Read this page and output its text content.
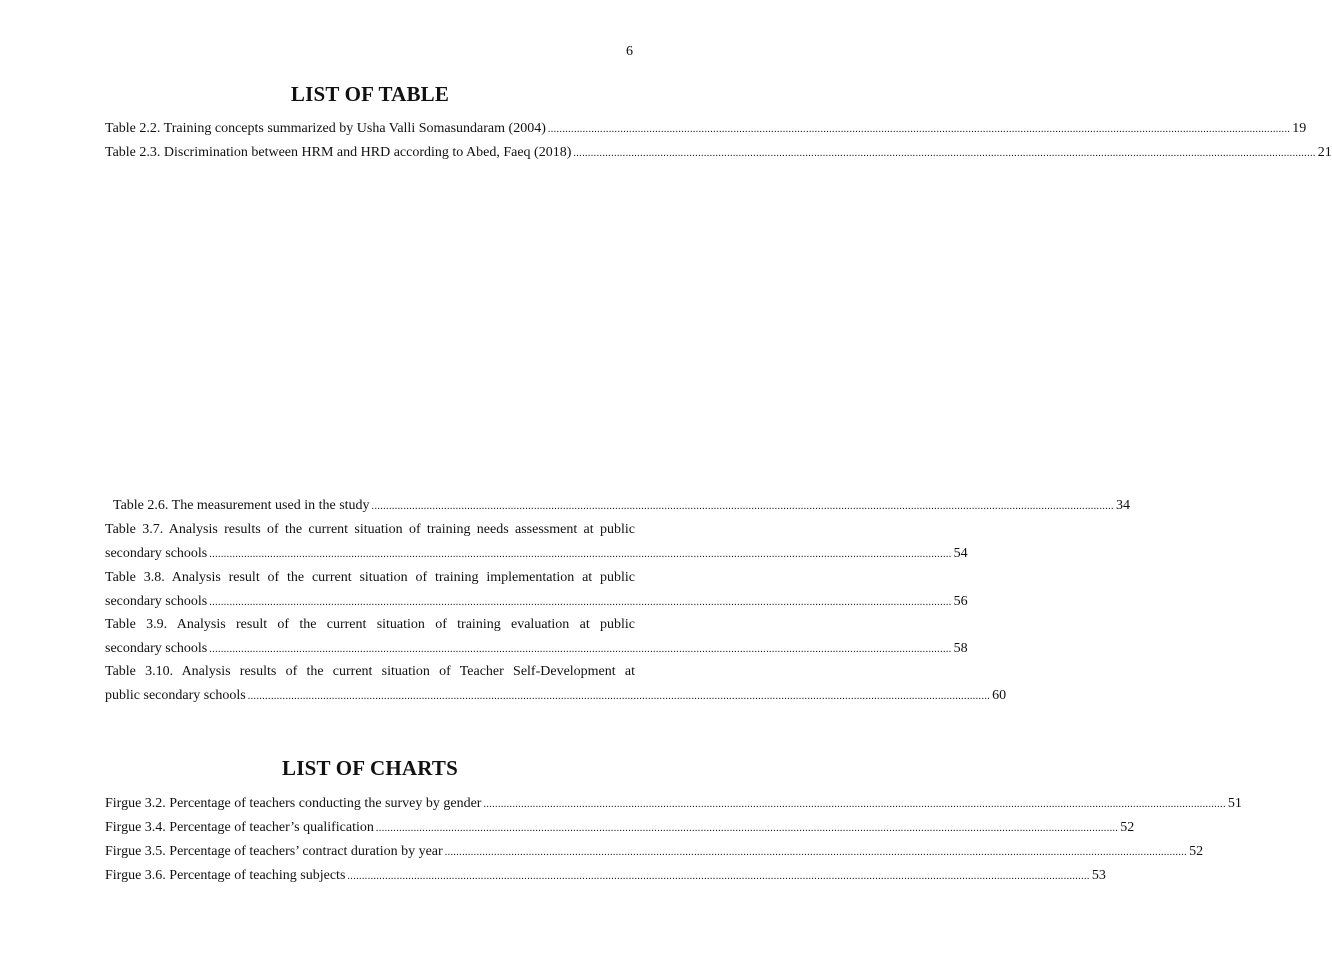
6
LIST OF TABLE
Table 2.2. Training concepts summarized by Usha Valli Somasundaram (2004) .....	19
Table 2.3. Discrimination between HRM and HRD according to Abed, Faeq (2018) .....	21
Table 2.6. The measurement used in the study .....	34
Table 3.7. Analysis results of the current situation of training needs assessment at public
secondary schools .....	54
Table 3.8. Analysis result of the current situation of training implementation at public
secondary schools .....	56
Table 3.9. Analysis result of the current situation of training evaluation at public
secondary schools .....	58
Table 3.10. Analysis results of the current situation of Teacher Self-Development at
public secondary schools .....	60
LIST OF CHARTS
Firgue 3.2. Percentage of teachers conducting the survey by gender .....	51
Firgue 3.4. Percentage of teacher’s qualification .....	52
Firgue 3.5. Percentage of teachers’ contract duration by year .....	52
Firgue 3.6. Percentage of teaching subjects .....	53
